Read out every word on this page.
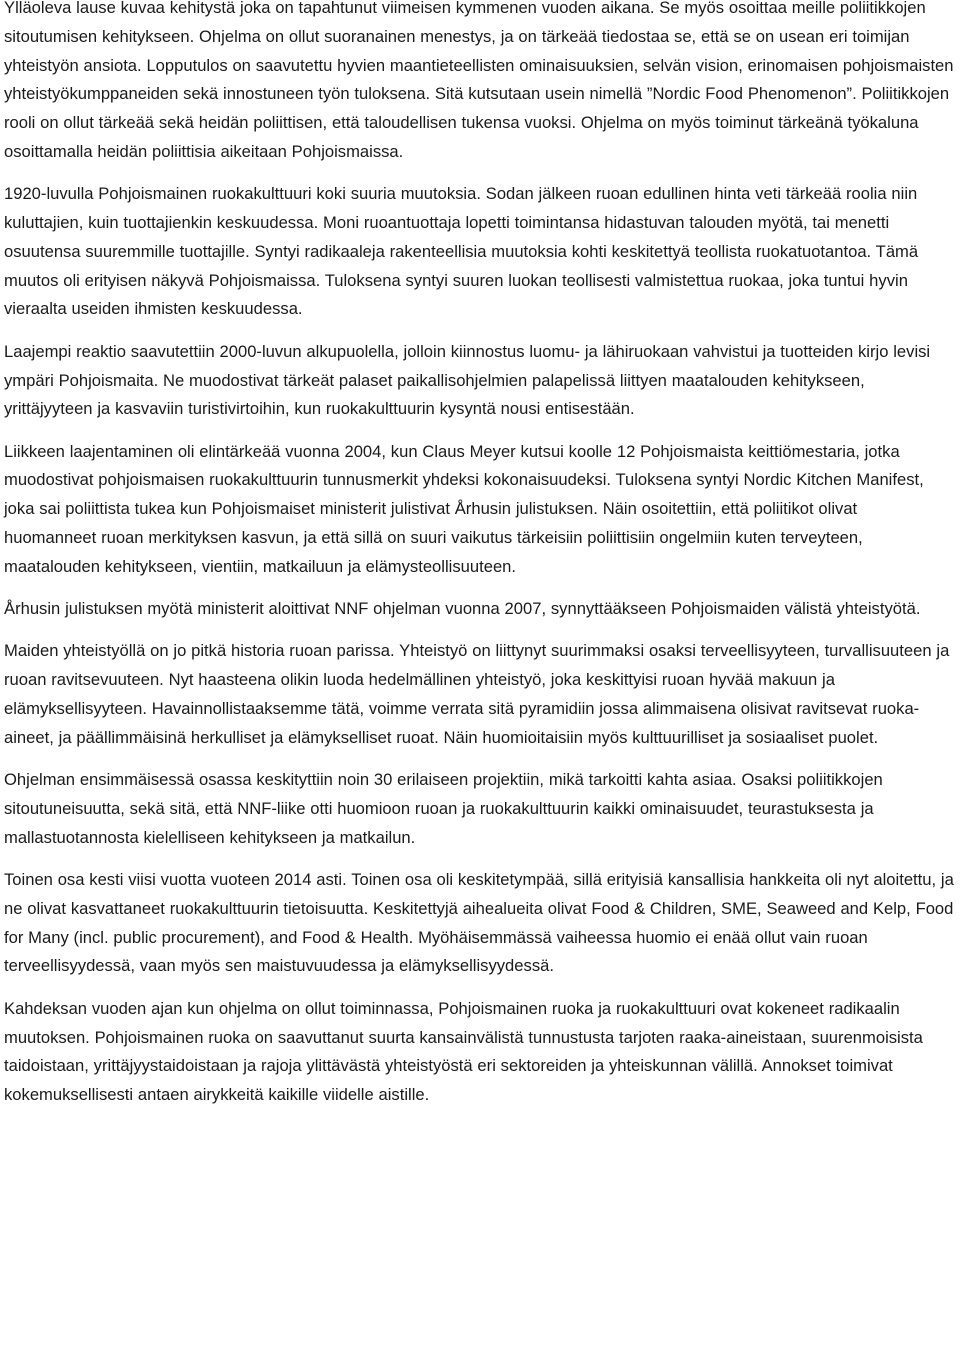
Ylläoleva lause kuvaa kehitystä joka on tapahtunut viimeisen kymmenen vuoden aikana. Se myös osoittaa meille poliitikkojen sitoutumisen kehitykseen. Ohjelma on ollut suoranainen menestys, ja on tärkeää tiedostaa se, että se on usean eri toimijan yhteistyön ansiota. Lopputulos on saavutettu hyvien maantieteellisten ominaisuuksien, selvän vision, erinomaisen pohjoismaisten yhteistyökumppaneiden sekä innostuneen työn tuloksena. Sitä kutsutaan usein nimellä ”Nordic Food Phenomenon”. Poliitikkojen rooli on ollut tärkeää sekä heidän poliittisen, että taloudellisen tukensa vuoksi. Ohjelma on myös toiminut tärkeänä työkaluna osoittamalla heidän poliittisia aikeitaan Pohjoismaissa.

1920-luvulla Pohjoismainen ruokakulttuuri koki suuria muutoksia. Sodan jälkeen ruoan edullinen hinta veti tärkeää roolia niin kuluttajien, kuin tuottajienkin keskuudessa. Moni ruoantuottaja lopetti toimintansa hidastuvan talouden myötä, tai menetti osuutensa suuremmille tuottajille. Syntyi radikaaleja rakenteellisia muutoksia kohti keskitettyä teollista ruokatuotantoa. Tämä muutos oli erityisen näkyvä Pohjoismaissa. Tuloksena syntyi suuren luokan teollisesti valmistettua ruokaa, joka tuntui hyvin vieraalta useiden ihmisten keskuudessa.

Laajempi reaktio saavutettiin 2000-luvun alkupuolella, jolloin kiinnostus luomu- ja lähiruokaan vahvistui ja tuotteiden kirjo levisi ympäri Pohjoismaita. Ne muodostivat tärkeät palaset paikallisohjelmien palapelissä liittyen maatalouden kehitykseen, yrittäjyyteen ja kasvaviin turistivirtoihin, kun ruokakulttuurin kysyntä nousi entisestään.

Liikkeen laajentaminen oli elintärkeää vuonna 2004, kun Claus Meyer kutsui koolle 12 Pohjoismaista keittiömestaria, jotka muodostivat pohjoismaisen ruokakulttuurin tunnusmerkit yhdeksi kokonaisuudeksi. Tuloksena syntyi Nordic Kitchen Manifest, joka sai poliittista tukea kun Pohjoismaiset ministerit julistivat Århusin julistuksen. Näin osoitettiin, että poliitikot olivat huomanneet ruoan merkityksen kasvun, ja että sillä on suuri vaikutus tärkeisiin poliittisiin ongelmiin kuten terveyteen, maatalouden kehitykseen, vientiin, matkailuun ja elämysteollisuuteen.

Århusin julistuksen myötä ministerit aloittivat NNF ohjelman vuonna 2007, synnyttääkseen Pohjoismaiden välistä yhteistyötä.

Maiden yhteistyöllä on jo pitkä historia ruoan parissa. Yhteistyö on liittynyt suurimmaksi osaksi terveellisyyteen, turvallisuuteen ja ruoan ravitsevuuteen. Nyt haasteena olikin luoda hedelmällinen yhteistyö, joka keskittyisi ruoan hyvää makuun ja elämyksellisyyteen. Havainnollistaaksemme tätä, voimme verrata sitä pyramidiin jossa alimmaisena olisivat ravitsevat ruoka-aineet, ja päällimmäisinä herkulliset ja elämykselliset ruoat. Näin huomioitaisiin myös kulttuurilliset ja sosiaaliset puolet.

Ohjelman ensimmäisessä osassa keskityttiin noin 30 erilaiseen projektiin, mikä tarkoitti kahta asiaa. Osaksi poliitikkojen sitoutuneisuutta, sekä sitä, että NNF-liike otti huomioon ruoan ja ruokakulttuurin kaikki ominaisuudet, teurastuksesta ja mallastuotannosta kielelliseen kehitykseen ja matkailun.

Toinen osa kesti viisi vuotta vuoteen 2014 asti. Toinen osa oli keskitetympää, sillä erityisiä kansallisia hankkeita oli nyt aloitettu, ja ne olivat kasvattaneet ruokakulttuurin tietoisuutta. Keskitettyjä aihealueita olivat Food & Children, SME, Seaweed and Kelp, Food for Many (incl. public procurement), and Food & Health. Myöhäisemmässä vaiheessa huomio ei enää ollut vain ruoan terveellisyydessä, vaan myös sen maistuvuudessa ja elämyksellisyydessä.

Kahdeksan vuoden ajan kun ohjelma on ollut toiminnassa, Pohjoismainen ruoka ja ruokakulttuuri ovat kokeneet radikaalin muutoksen. Pohjoismainen ruoka on saavuttanut suurta kansainvälistä tunnustusta tarjoten raaka-aineistaan, suurenmoisista taidoistaan, yrittäjyystaidoistaan ja rajoja ylittävästä yhteistyöstä eri sektoreiden ja yhteiskunnan välillä. Annokset toimivat kokemuksellisesti antaen airykkeitä kaikille viidelle aistille.
